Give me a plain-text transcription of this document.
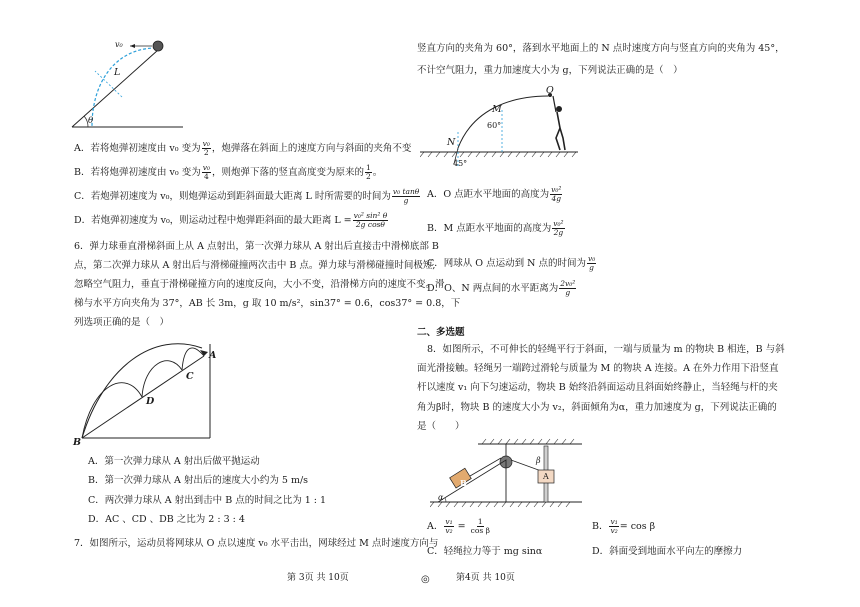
v₀
L
θ
A．若将炮弹初速度由 v₀ 变为 $\frac{\text{v₀}}{2}$ ，炮弹落在斜面上的速度方向与斜面的夹角不变
B．若将炮弹初速度由 v₀ 变为 $\frac{\text{v₀}}{4}$ ，则炮弹下落的竖直高度变为原来的 $\frac{1}{2}$ 。
C．若炮弹初速度为 v₀，则炮弹运动到距斜面最大距离 L 时所需要的时间为 $\frac{\text{v₀ tanθ}}{g}$
D．若炮弹初速度为 v₀，则运动过程中炮弹距斜面的最大距离 $L = \frac{\text{v₀² sin² θ}}{\text{2g cosθ}}$
6．弹力球垂直滑梯斜面上从 A 点射出，第一次弹力球从 A 射出后直接击中滑梯底部 B
点，第二次弹力球从 A 射出后与滑梯碰撞两次击中 B 点。弹力球与滑梯碰撞时间极短,
忽略空气阻力，垂直于滑梯碰撞方向的速度反向，大小不变，沿滑梯方向的速度不变。滑
梯与水平方向夹角为 37°，AB 长 3m，g 取 10 m/s²，sin37° = 0.6，cos37° = 0.8，下
列选项正确的是（　）
A
C
D
B
A．第一次弹力球从 A 射出后做平抛运动
B．第一次弹力球从 A 射出后的速度大小约为 5 m/s
C．两次弹力球从 A 射出到击中 B 点的时间之比为 1 : 1
D．AC 、CD 、DB 之比为 2 : 3 : 4
7．如图所示，运动员将网球从 O 点以速度 v₀ 水平击出，网球经过 M 点时速度方向与
第 3页 共 10页	◎
竖直方向的夹角为 60°，落到水平地面上的 N 点时速度方向与竖直方向的夹角为 45°，
不计空气阻力，重力加速度大小为 g，下列说法正确的是（　）
O
M
60°
N
45°
A．O 点距水平地面的高度为 $\frac{\text{v₀²}}{4g}$
B．M 点距水平地面的高度为 $\frac{\text{v₀²}}{2g}$
C．网球从 O 点运动到 N 点的时间为 $\frac{\text{v₀}}{g}$
D．O、N 两点间的水平距离为 $\frac{\text{2v₀²}}{g}$
二、多选题
8．如图所示，不可伸长的轻绳平行于斜面，一端与质量为 m 的物块 B 相连，B 与斜
面光滑接触。轻绳另一端跨过滑轮与质量为 M 的物块 A 连接。A 在外力作用下沿竖直
杆以速度 v₁ 向下匀速运动，物块 B 始终沿斜面运动且斜面始终静止，当轻绳与杆的夹
角为β时，物块 B 的速度大小为 v₂，斜面倾角为α，重力加速度为 g，下列说法正确的
是（　　）
B
A
α
β
A． $\frac{\text{v₁}}{\text{v₂}} = \frac{1}{\text{cos β}}$	B． $\frac{\text{v₁}}{\text{v₂}} = \cos \beta$
C．轻绳拉力等于 mg sinα	D．斜面受到地面水平向左的摩擦力
第4页 共 10页
